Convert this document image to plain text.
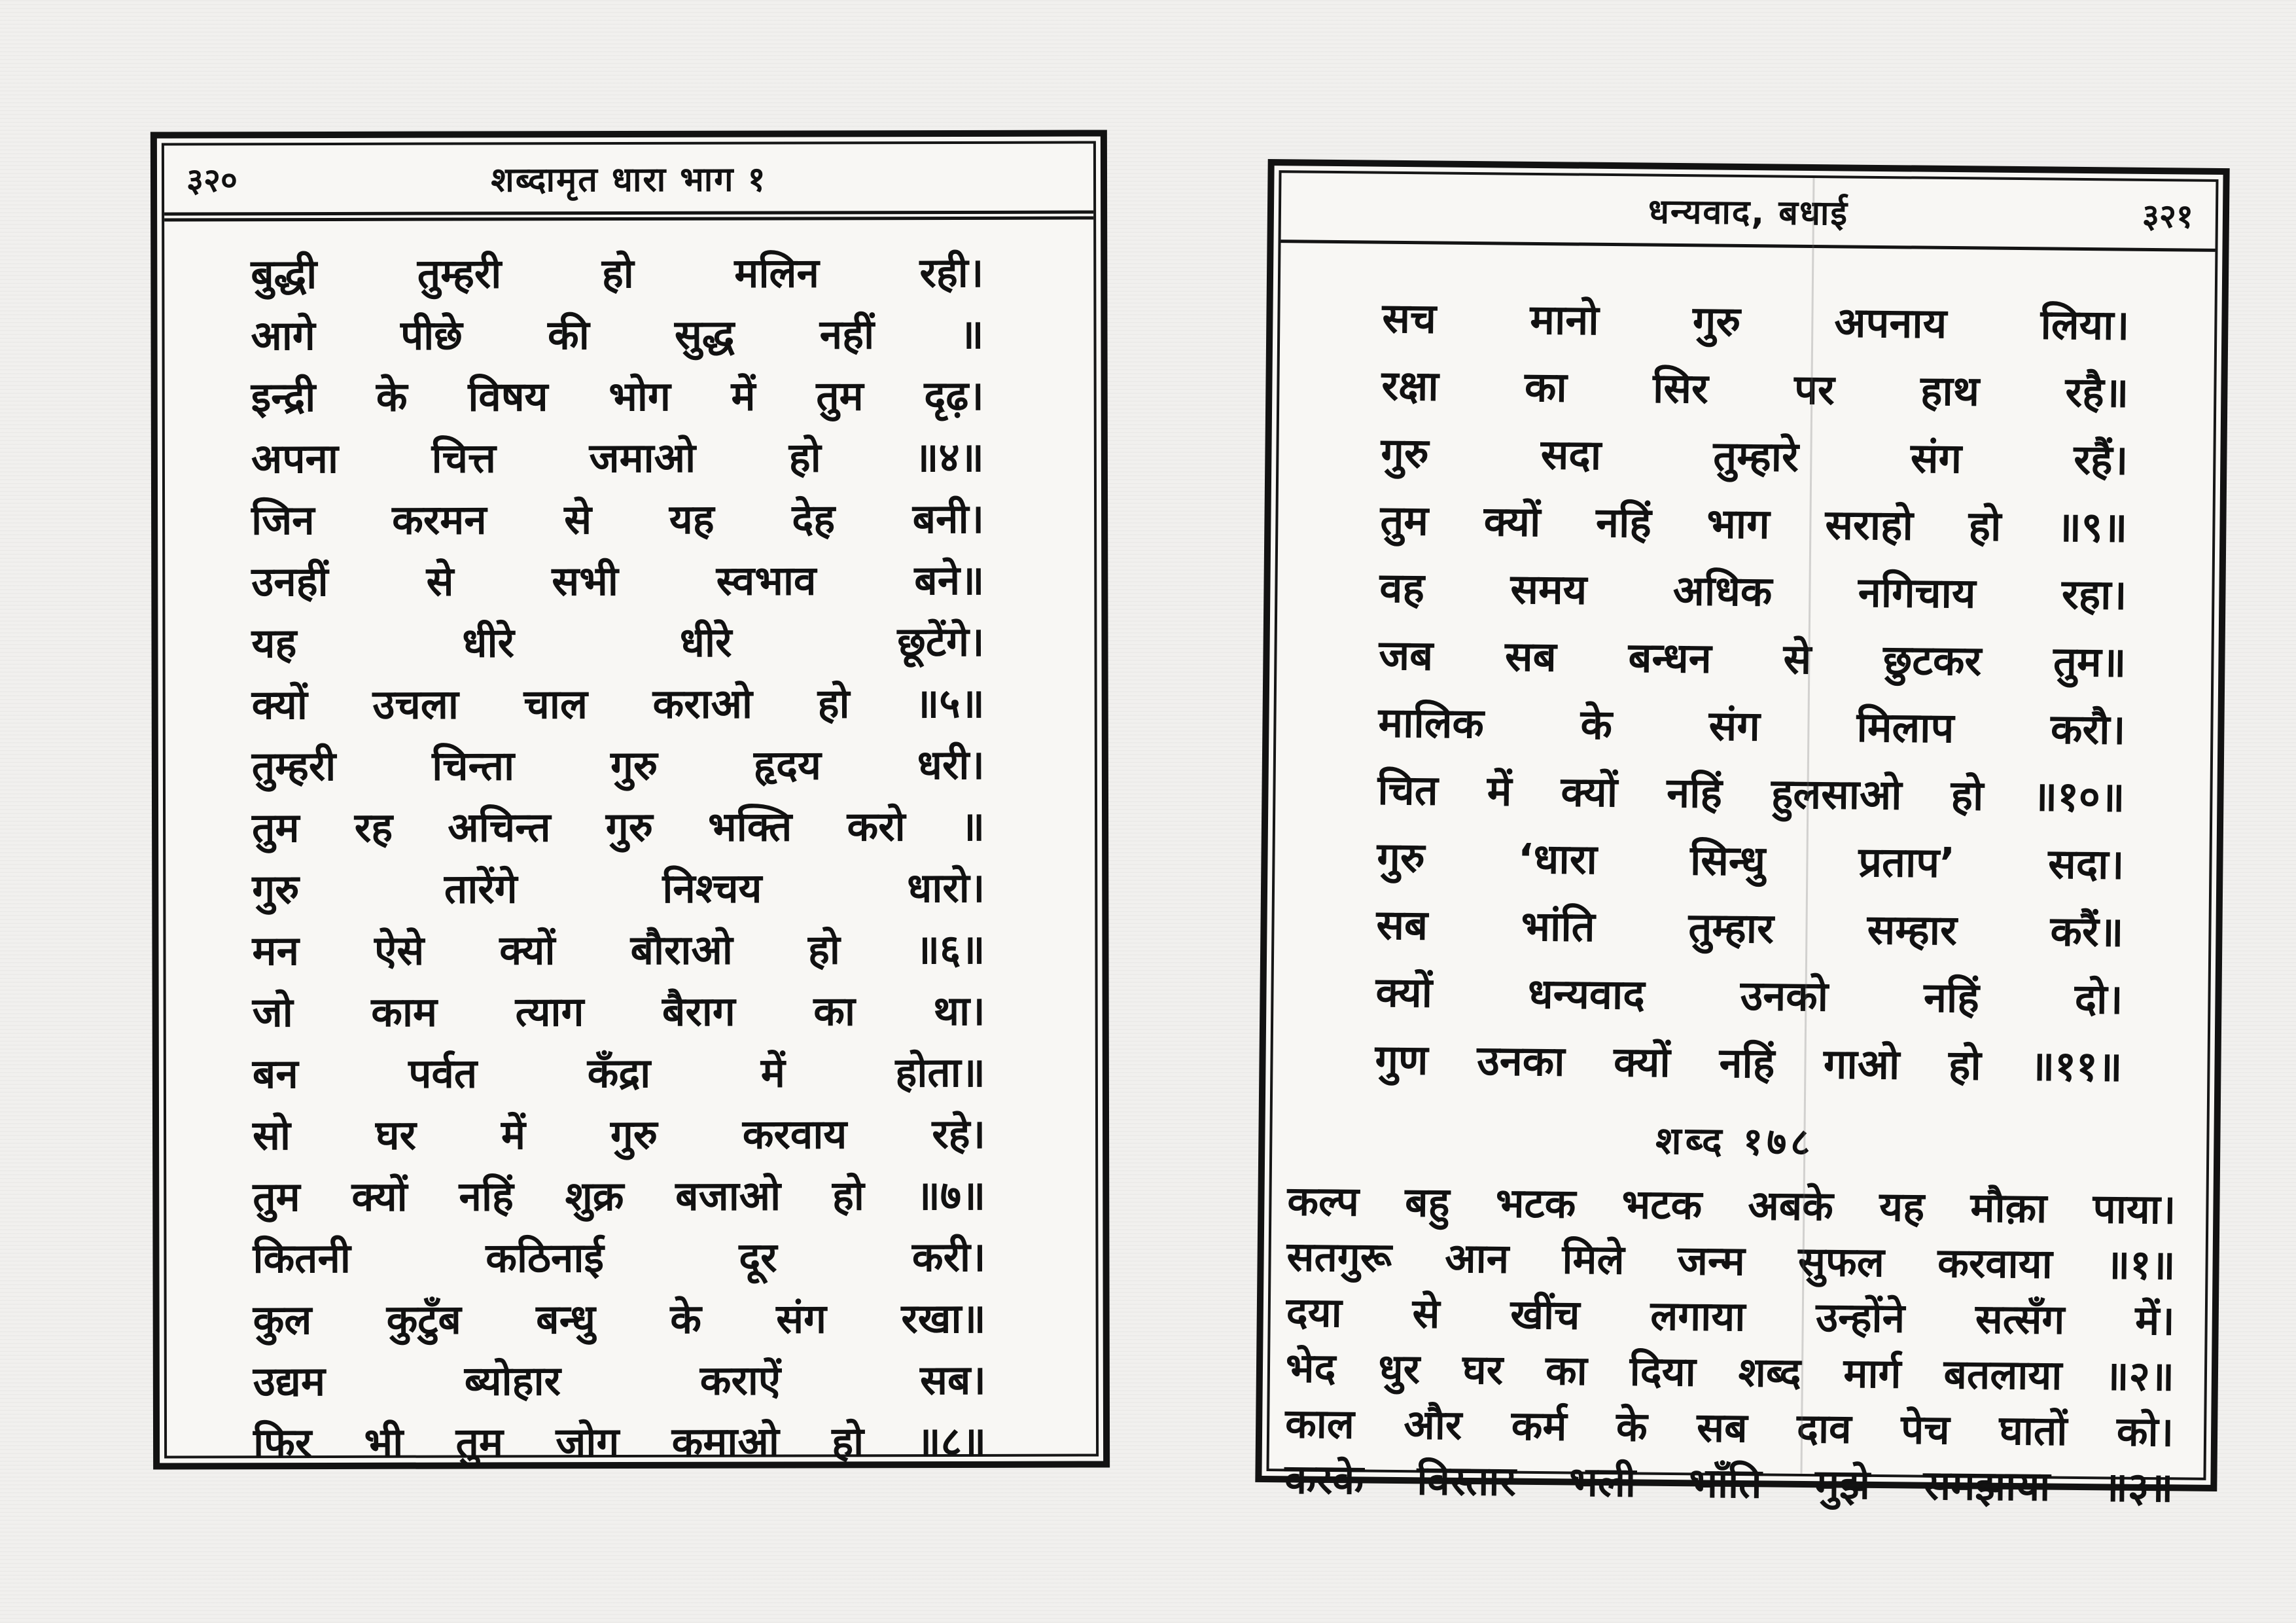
३२०	शब्दामृत धारा भाग १
बुद्धी तुम्हरी हो मलिन रही।
आगे पीछे की सुद्ध नहीं ॥
इन्द्री के विषय भोग में तुम दृढ़।
अपना चित्त जमाओ हो ॥४॥
जिन करमन से यह देह बनी।
उनहीं से सभी स्वभाव बने॥
यह धीरे धीरे छूटेंगे।
क्यों उचला चाल कराओ हो ॥५॥
तुम्हरी चिन्ता गुरु हृदय धरी।
तुम रह अचिन्त गुरु भक्ति करो ॥
गुरु तारेंगे निश्चय धारो।
मन ऐसे क्यों बौराओ हो ॥६॥
जो काम त्याग बैराग का था।
बन पर्वत कँद्रा में होता॥
सो घर में गुरु करवाय रहे।
तुम क्यों नहिं शुक्र बजाओ हो ॥७॥
कितनी कठिनाई दूर करी।
कुल कुटुँब बन्धु के संग रखा॥
उद्यम ब्योहार कराऐं सब।
फिर भी तुम जोग कमाओ हो ॥८॥
धन्यवाद, बधाई	३२१
सच मानो गुरु अपनाय लिया।
रक्षा का सिर पर हाथ रहै॥
गुरु सदा तुम्हारे संग रहैं।
तुम क्यों नहिं भाग सराहो हो ॥९॥
वह समय अधिक नगिचाय रहा।
जब सब बन्धन से छुटकर तुम॥
मालिक के संग मिलाप करौ।
चित में क्यों नहिं हुलसाओ हो ॥१०॥
गुरु ‘धारा सिन्धु प्रताप’ सदा।
सब भांति तुम्हार सम्हार करैं॥
क्यों धन्यवाद उनको नहिं दो।
गुण उनका क्यों नहिं गाओ हो ॥११॥
शब्द १७८
कल्प बहु भटक भटक अबके यह मौक़ा पाया।
सतगुरू आन मिले जन्म सुफल करवाया ॥१॥
दया से खींच लगाया उन्होंने सत्सँग में।
भेद धुर घर का दिया शब्द मार्ग बतलाया ॥२॥
काल और कर्म के सब दाव पेच घातों को।
करके विस्तार भली भाँति मुझे समझाया ॥३॥
